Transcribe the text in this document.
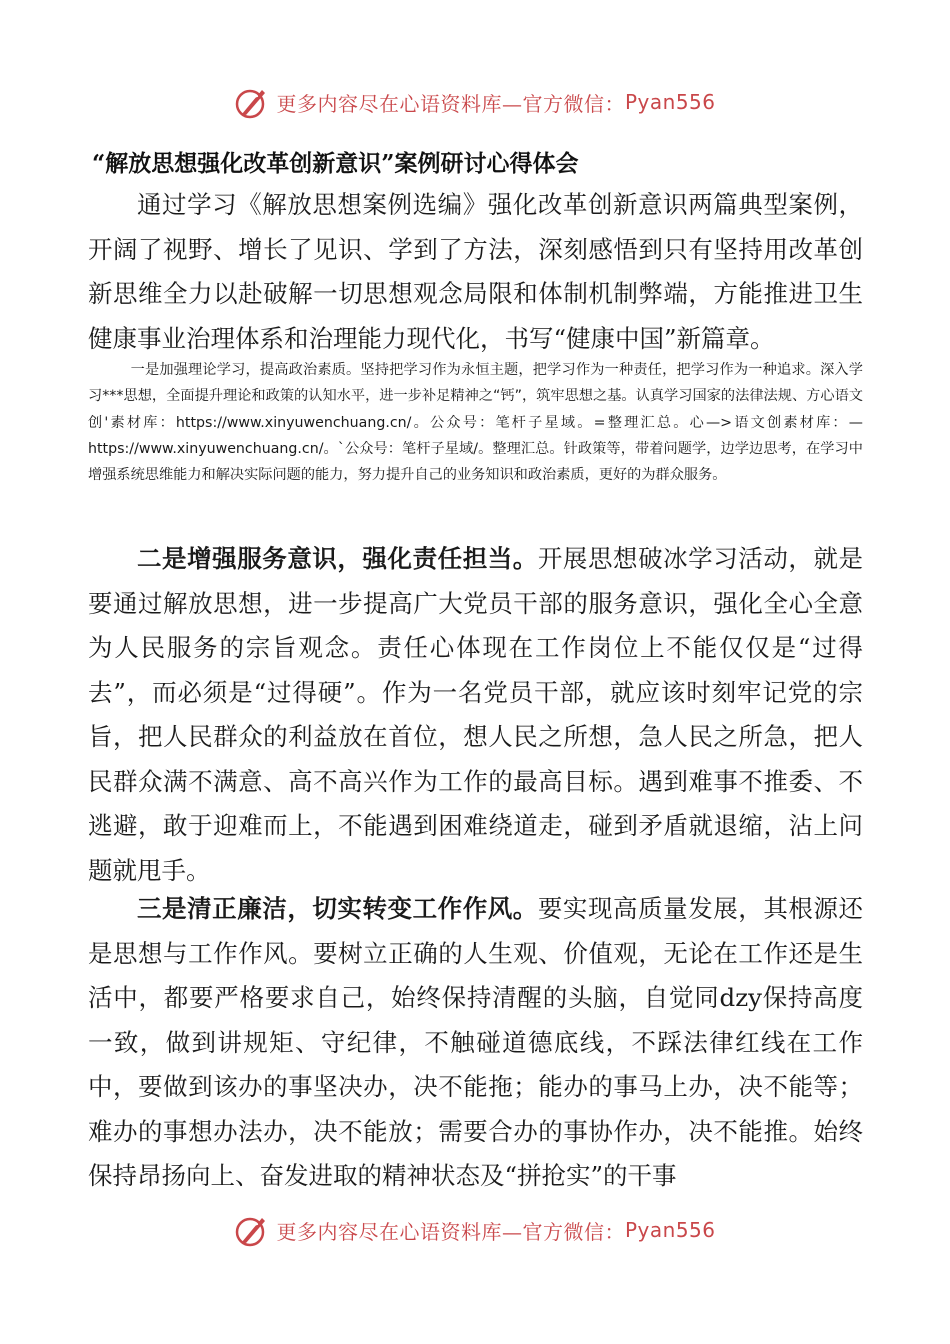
更多内容尽在心语资料库—官方微信： Pyan556
“解放思想强化改革创新意识”案例研讨心得体会

通过学习《解放思想案例选编》强化改革创新意识两篇典型案例，开阔了视野、增长了见识、学到了方法，深刻感悟到只有坚持用改革创新思维全力以赴破解一切思想观念局限和体制机制弊端，方能推进卫生健康事业治理体系和治理能力现代化，书写“健康中国”新篇章。

一是加强理论学习，提高政治素质。坚持把学习作为永恒主题，把学习作为一种责任，把学习作为一种追求。深入学习***思想，全面提升理论和政策的认知水平，进一步补足精神之“钙”，筑牢思想之基。认真学习国家的法律法规、方心语文创'素材库：https://www.xinyuwenchuang.cn/。公众号：笔杆子星域。=整理汇总。心—>语文创素材库：—https://www.xinyuwenchuang.cn/。`公众号：笔杆子星域/。整理汇总。针政策等，带着问题学，边学边思考，在学习中增强系统思维能力和解决实际问题的能力，努力提升自己的业务知识和政治素质，更好的为群众服务。

二是增强服务意识，强化责任担当。开展思想破冰学习活动，就是要通过解放思想，进一步提高广大党员干部的服务意识，强化全心全意为人民服务的宗旨观念。责任心体现在工作岗位上不能仅仅是“过得去”，而必须是“过得硬”。作为一名党员干部，就应该时刻牢记党的宗旨，把人民群众的利益放在首位，想人民之所想，急人民之所急，把人民群众满不满意、高不高兴作为工作的最高目标。遇到难事不推委、不逃避，敢于迎难而上，不能遇到困难绕道走，碰到矛盾就退缩，沾上问题就甩手。

三是清正廉洁，切实转变工作作风。要实现高质量发展，其根源还是思想与工作作风。要树立正确的人生观、价值观，无论在工作还是生活中，都要严格要求自己，始终保持清醒的头脑，自觉同dzy保持高度一致，做到讲规矩、守纪律，不触碰道德底线，不踩法律红线在工作中，要做到该办的事坚决办，决不能拖；能办的事马上办，决不能等；难办的事想办法办，决不能放；需要合办的事协作办，决不能推。始终保持昂扬向上、奋发进取的精神状态及“拼抢实”的干事

更多内容尽在心语资料库—官方微信： Pyan556
